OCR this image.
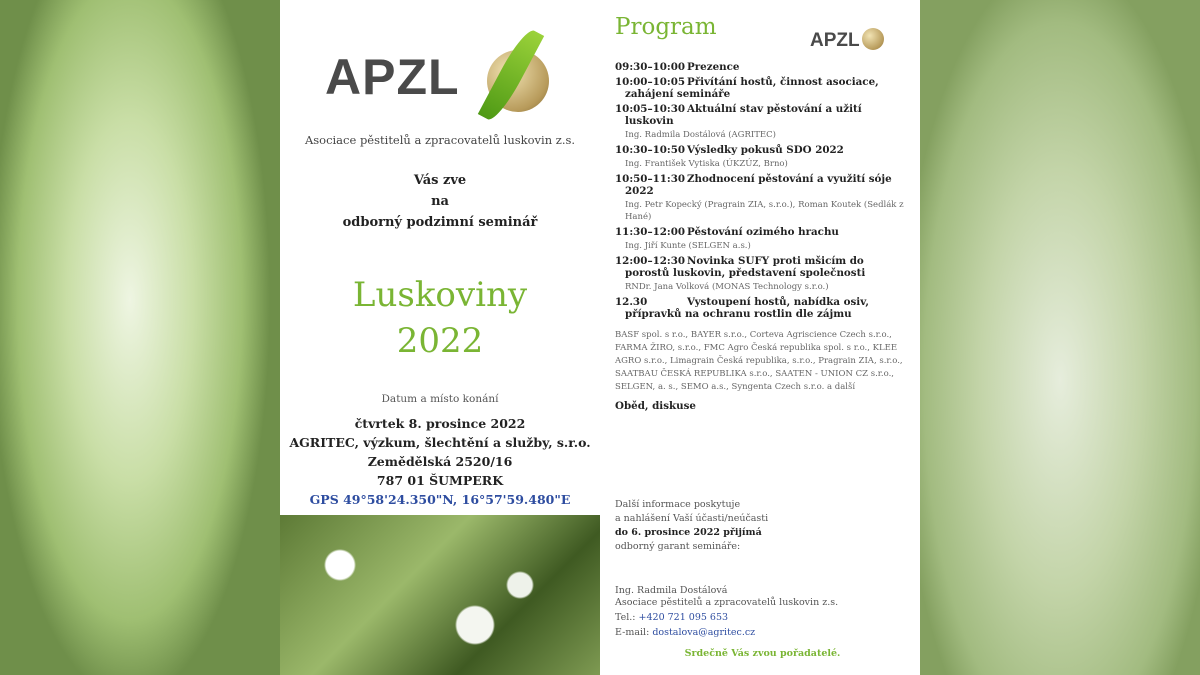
APZL
Asociace pěstitelů a zpracovatelů luskovin z.s.
Vás zve
na
odborný podzimní seminář
Luskoviny
2022
Datum a místo konání
čtvrtek 8. prosince 2022
AGRITEC, výzkum, šlechtění a služby, s.r.o.
Zemědělská 2520/16
787 01 ŠUMPERK
GPS 49°58'24.350"N, 16°57'59.480"E
Program
APZL
09:30–10:00 Prezence
10:00–10:05 Přivítání hostů, činnost asociace,
zahájení semináře
10:05–10:30 Aktuální stav pěstování a užití
luskovin
Ing. Radmila Dostálová (AGRITEC)
10:30–10:50 Výsledky pokusů SDO 2022
Ing. František Vytiska (ÚKZÚZ, Brno)
10:50–11:30 Zhodnocení pěstování a využití sóje
2022
Ing. Petr Kopecký (Pragrain ZIA, s.r.o.), Roman Koutek (Sedlák z Hané)
11:30–12:00 Pěstování ozimého hrachu
Ing. Jiří Kunte (SELGEN a.s.)
12:00–12:30 Novinka SUFY proti mšicím do
porostů luskovin, představení společnosti
RNDr. Jana Volková (MONAS Technology s.r.o.)
12.30	Vystoupení hostů, nabídka osiv,
přípravků na ochranu rostlin dle zájmu
BASF spol. s r.o., BAYER s.r.o., Corteva Agriscience Czech s.r.o., FARMA ŽIRO, s.r.o., FMC Agro Česká republika spol. s r.o., KLEE AGRO s.r.o., Limagrain Česká republika, s.r.o., Pragrain ZIA, s.r.o., SAATBAU ČESKÁ REPUBLIKA s.r.o., SAATEN - UNION CZ s.r.o., SELGEN, a. s., SEMO a.s., Syngenta Czech s.r.o. a další
Oběd, diskuse
Další informace poskytuje
a nahlášení Vaší účasti/neúčasti
do 6. prosince 2022 přijímá
odborný garant semináře:
Ing. Radmila Dostálová
Asociace pěstitelů a zpracovatelů luskovin z.s.
Tel.: +420 721 095 653
E-mail: dostalova@agritec.cz
Srdečně Vás zvou pořadatelé.
